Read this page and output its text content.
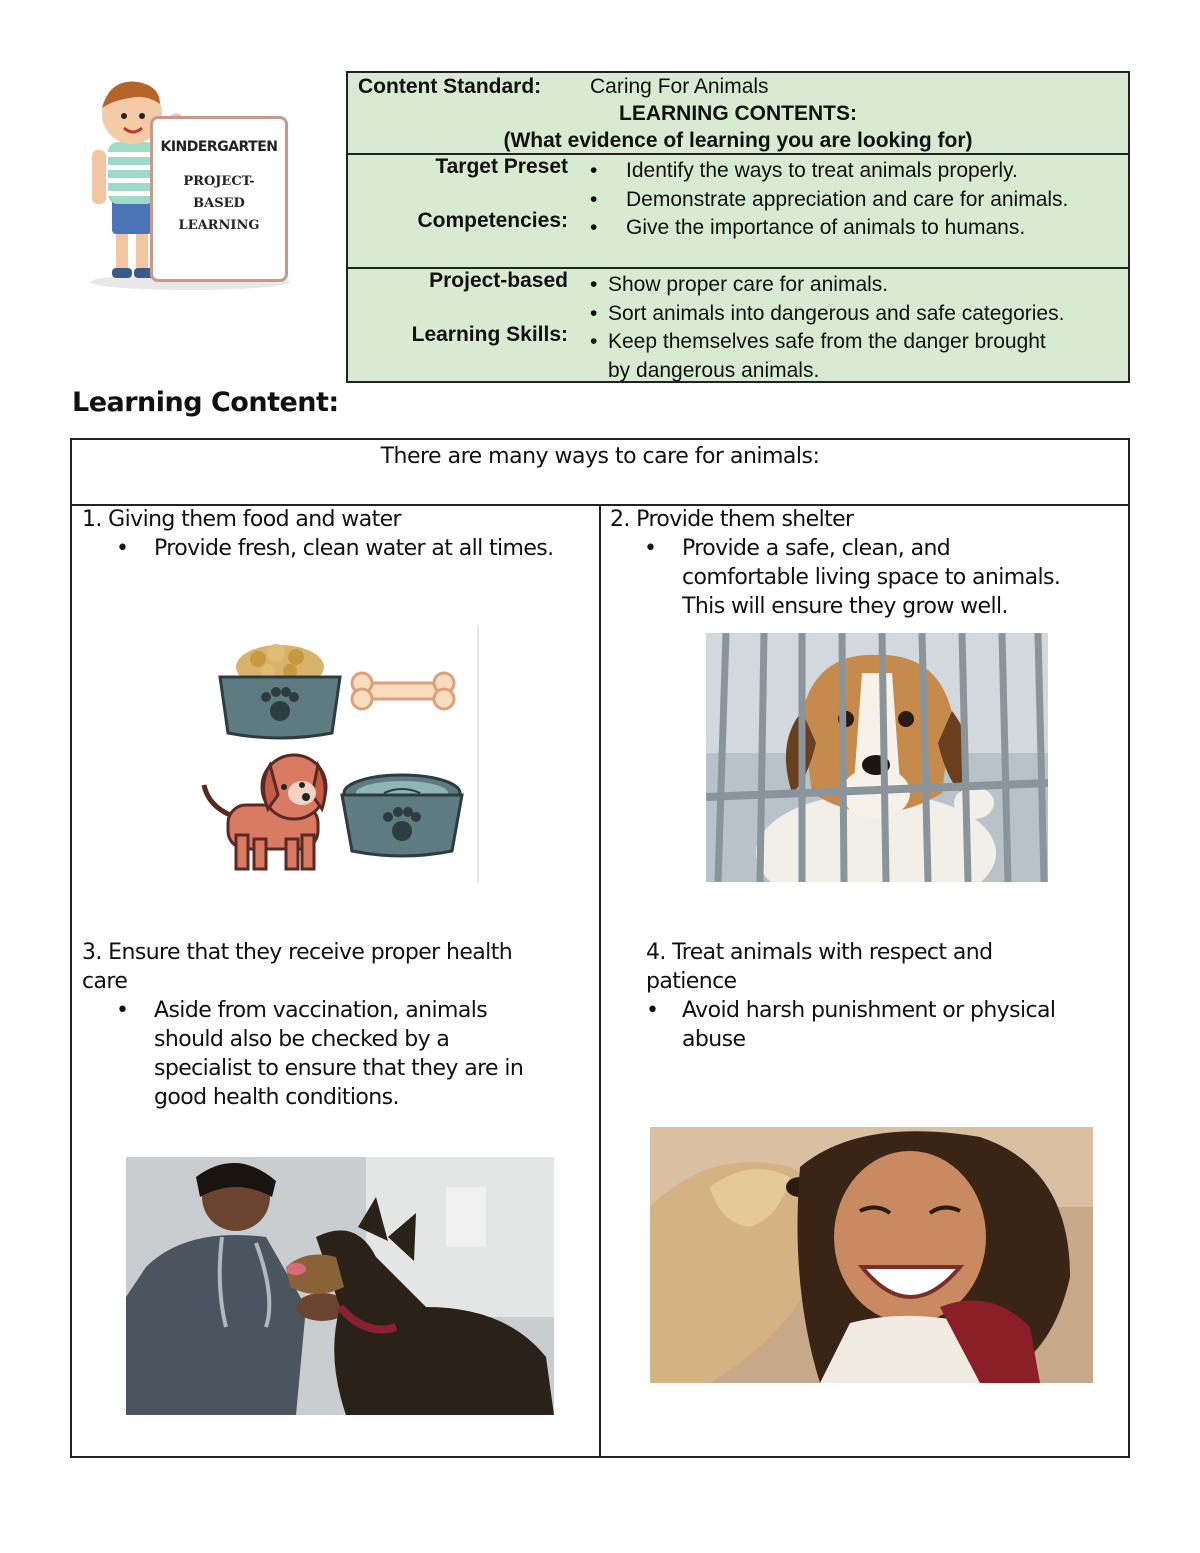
KINDERGARTEN
PROJECT-
BASED
LEARNING
Content Standard: Caring For Animals
LEARNING CONTENTS:
(What evidence of learning you are looking for)
Target Preset
Competencies:
• Identify the ways to treat animals properly.
• Demonstrate appreciation and care for animals.
• Give the importance of animals to humans.
Project-based
Learning Skills:
• Show proper care for animals.
• Sort animals into dangerous and safe categories.
• Keep themselves safe from the danger brought
by dangerous animals.
Learning Content:
There are many ways to care for animals:
1. Giving them food and water
• Provide fresh, clean water at all times.
2. Provide them shelter
• Provide a safe, clean, and
comfortable living space to animals.
This will ensure they grow well.
3. Ensure that they receive proper health
care
• Aside from vaccination, animals
should also be checked by a
specialist to ensure that they are in
good health conditions.
4. Treat animals with respect and
patience
• Avoid harsh punishment or physical
abuse
